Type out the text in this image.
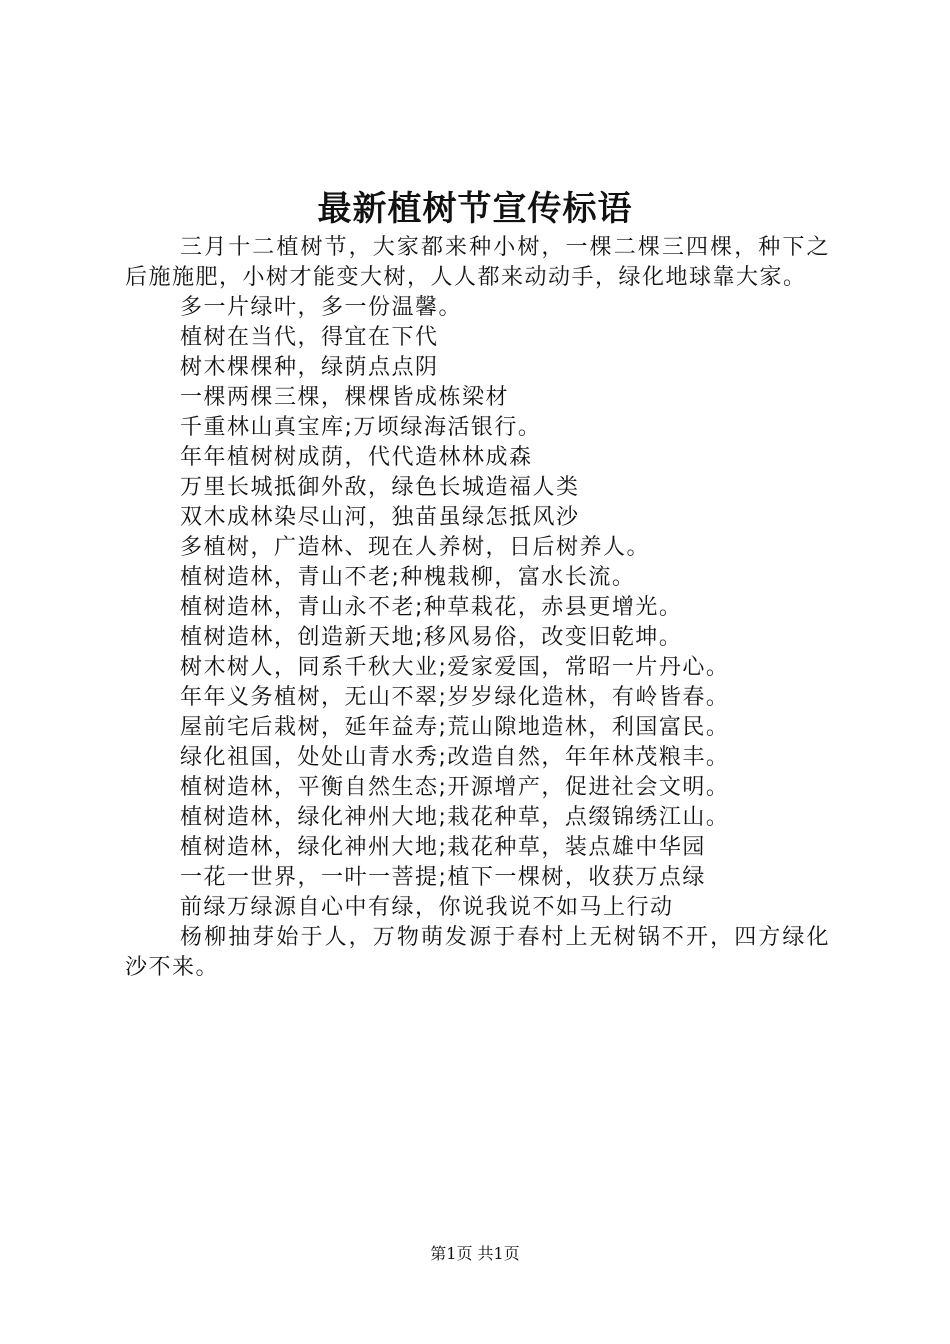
最新植树节宣传标语

三月十二植树节，大家都来种小树，一棵二棵三四棵，种下之后施施肥，小树才能变大树，人人都来动动手，绿化地球靠大家。

多一片绿叶，多一份温馨。

植树在当代，得宜在下代

树木棵棵种，绿荫点点阴

一棵两棵三棵，棵棵皆成栋梁材

千重林山真宝库;万顷绿海活银行。

年年植树树成荫，代代造林林成森

万里长城抵御外敌，绿色长城造福人类

双木成林染尽山河，独苗虽绿怎抵风沙

多植树，广造林、现在人养树，日后树养人。

植树造林，青山不老;种槐栽柳，富水长流。

植树造林，青山永不老;种草栽花，赤县更增光。

植树造林，创造新天地;移风易俗，改变旧乾坤。

树木树人，同系千秋大业;爱家爱国，常昭一片丹心。

年年义务植树，无山不翠;岁岁绿化造林，有岭皆春。

屋前宅后栽树，延年益寿;荒山隙地造林，利国富民。

绿化祖国，处处山青水秀;改造自然，年年林茂粮丰。

植树造林，平衡自然生态;开源增产，促进社会文明。

植树造林，绿化神州大地;栽花种草，点缀锦绣江山。

植树造林，绿化神州大地;栽花种草，装点雄中华园

一花一世界，一叶一菩提;植下一棵树，收获万点绿

前绿万绿源自心中有绿，你说我说不如马上行动

杨柳抽芽始于人，万物萌发源于春村上无树锅不开，四方绿化沙不来。

第1页 共1页
